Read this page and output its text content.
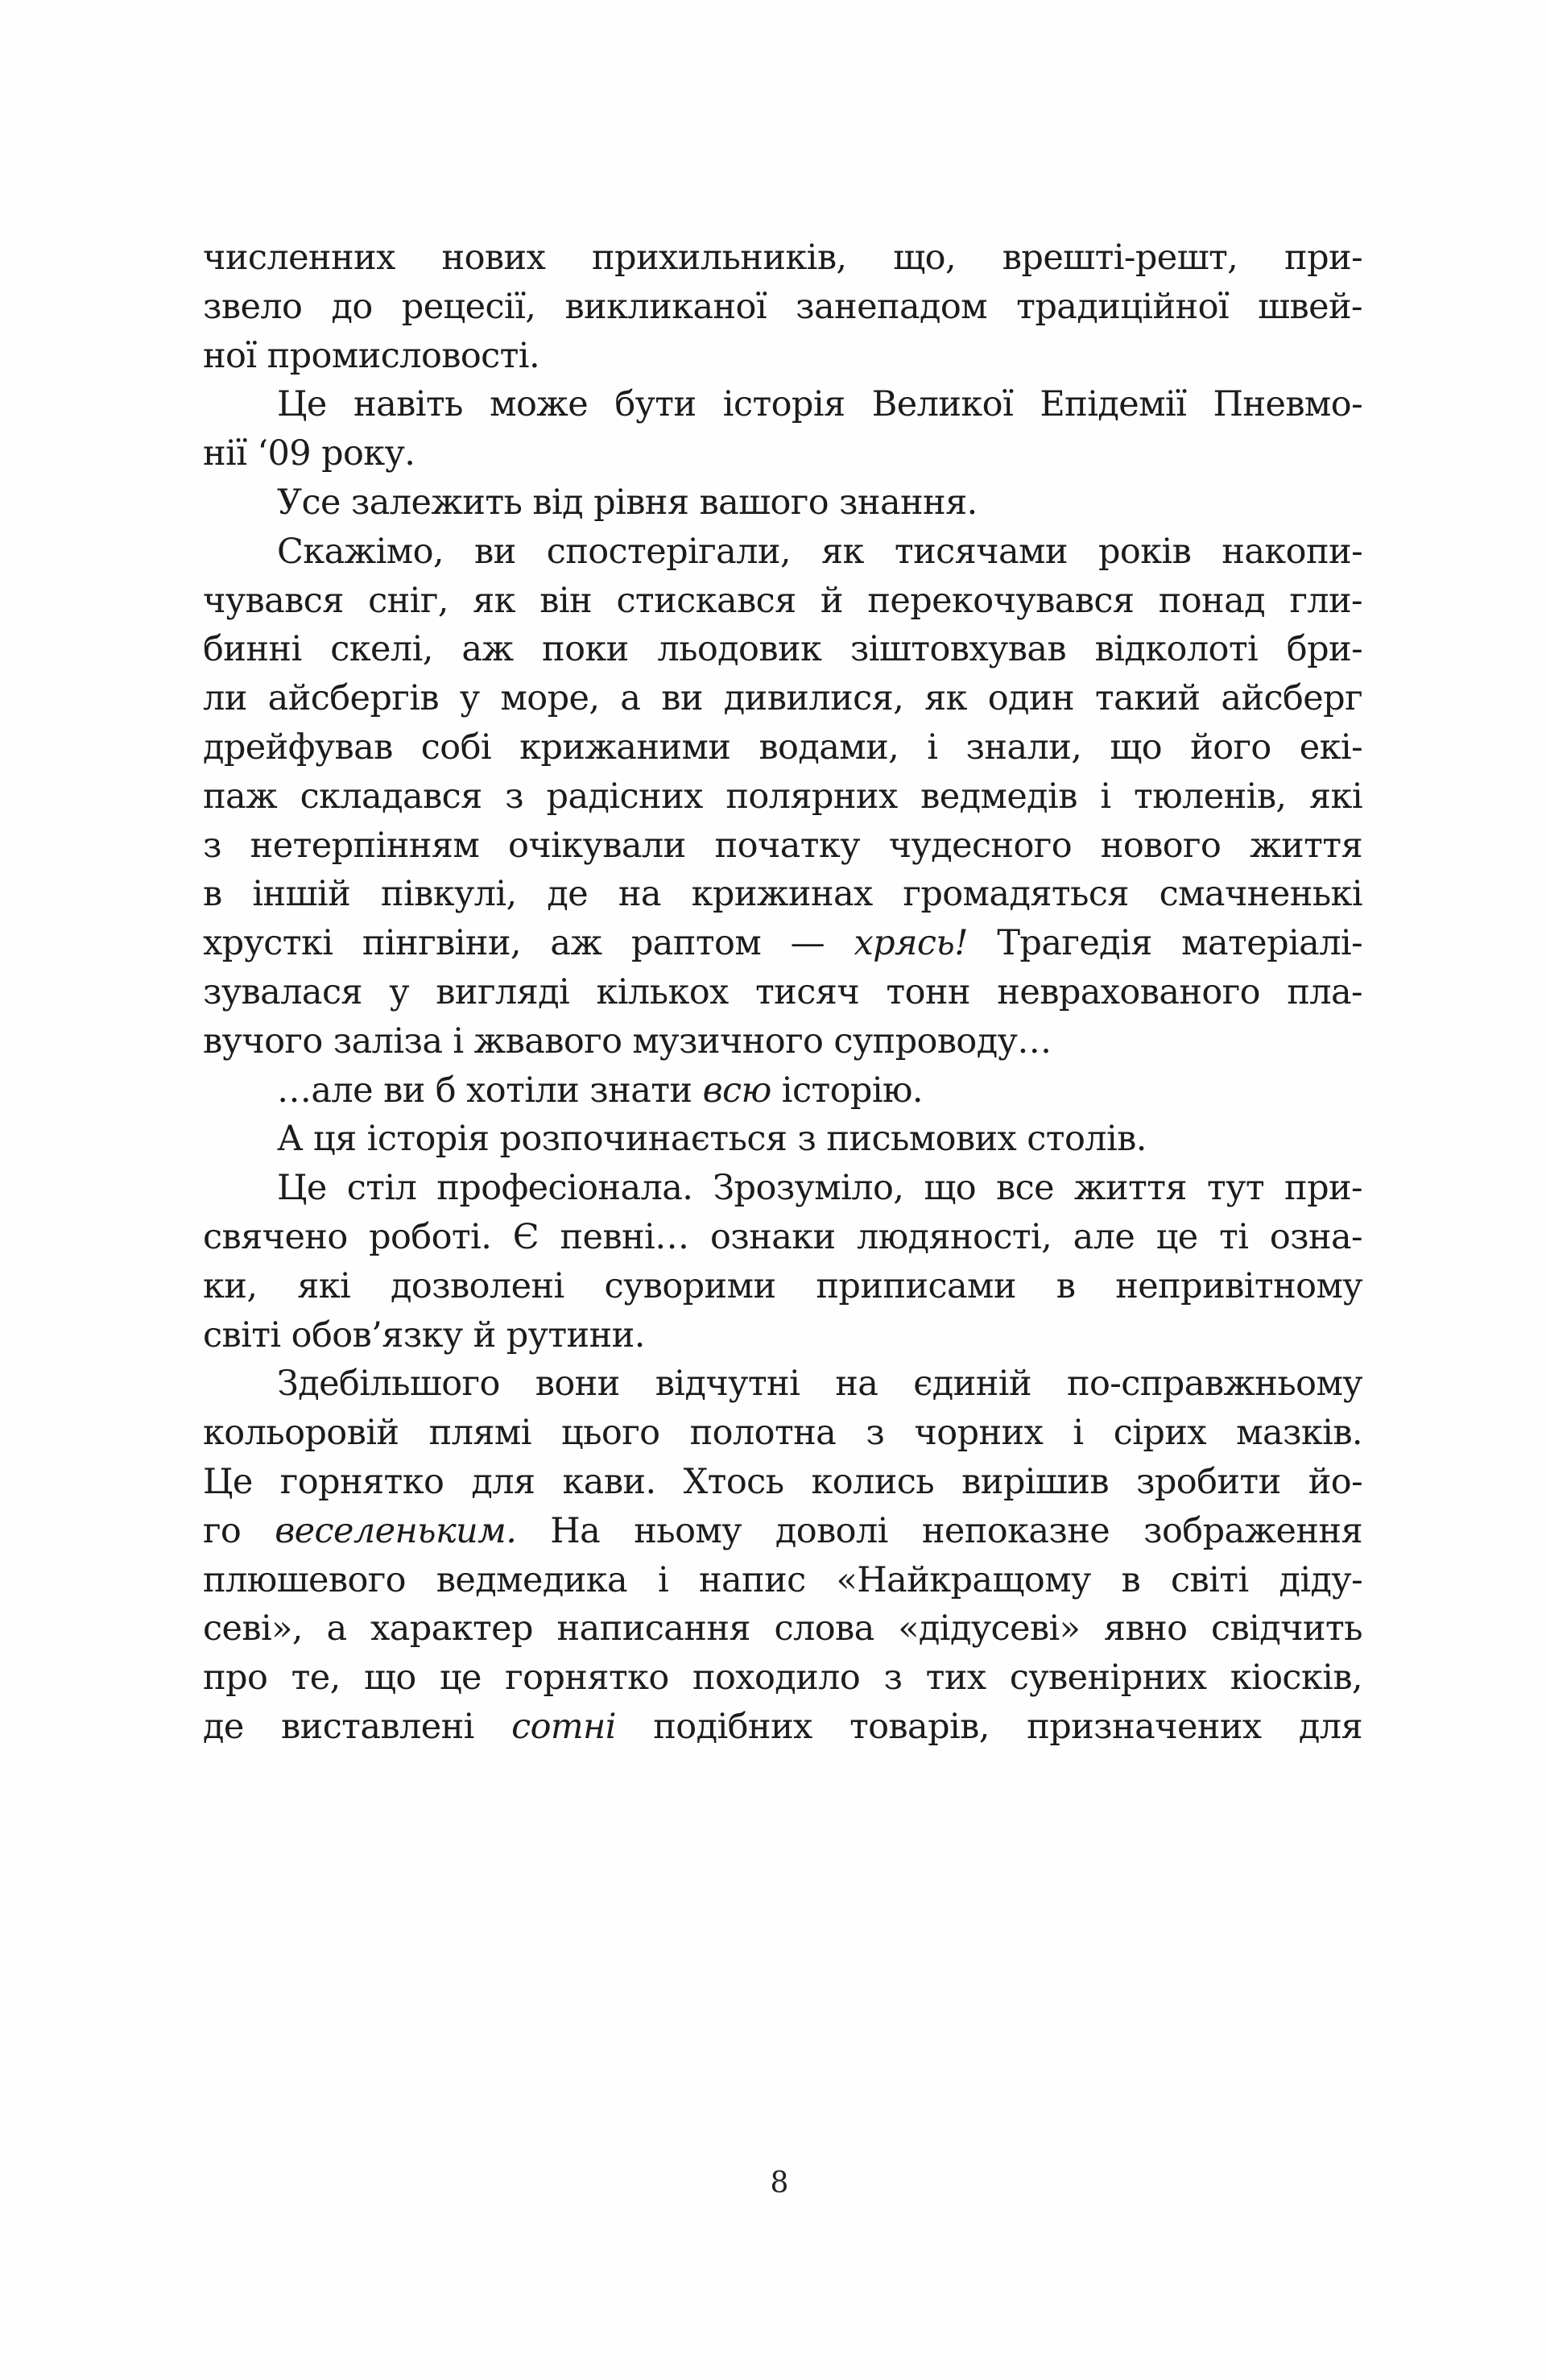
численних нових прихильників, що, врешті-решт, при-
звело до рецесії, викликаної занепадом традиційної швей-
ної промисловості.
Це навіть може бути історія Великої Епідемії Пневмо-
нії ‘09 року.
Усе залежить від рівня вашого знання.
Скажімо, ви спостерігали, як тисячами років накопи-
чувався сніг, як він стискався й перекочувався понад гли-
бинні скелі, аж поки льодовик зіштовхував відколоті бри-
ли айсбергів у море, а ви дивилися, як один такий айсберг
дрейфував собі крижаними водами, і знали, що його екі-
паж складався з радісних полярних ведмедів і тюленів, які
з нетерпінням очікували початку чудесного нового життя
в іншій півкулі, де на крижинах громадяться смачненькі
хрусткі пінгвіни, аж раптом — хрясь! Трагедія матеріалі-
зувалася у вигляді кількох тисяч тонн неврахованого пла-
вучого заліза і жвавого музичного супроводу…
…але ви б хотіли знати всю історію.
А ця історія розпочинається з письмових столів.
Це стіл професіонала. Зрозуміло, що все життя тут при-
свячено роботі. Є певні… ознаки людяності, але це ті озна-
ки, які дозволені суворими приписами в непривітному
світі обов’язку й рутини.
Здебільшого вони відчутні на єдиній по-справжньому
кольоровій плямі цього полотна з чорних і сірих мазків.
Це горнятко для кави. Хтось колись вирішив зробити йо-
го веселеньким. На ньому доволі непоказне зображення
плюшевого ведмедика і напис «Найкращому в світі діду-
севі», а характер написання слова «дідусеві» явно свідчить
про те, що це горнятко походило з тих сувенірних кіосків,
де виставлені сотні подібних товарів, призначених для
8
